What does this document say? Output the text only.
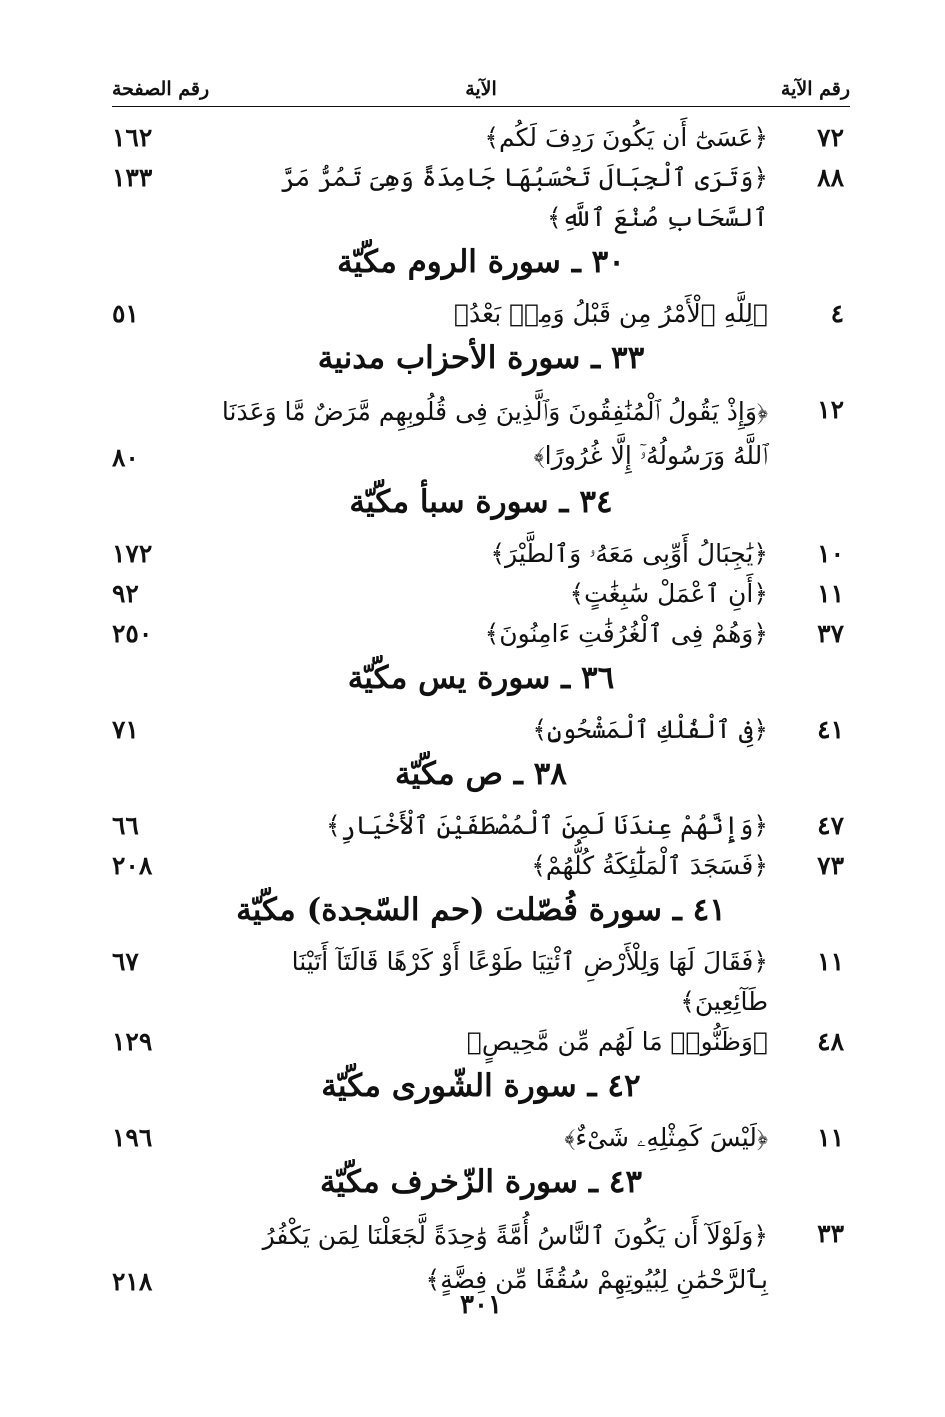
رقم الآية
الآية
رقم الصفحة
٧٢
﴿عَسَىٰٓ أَن يَكُونَ رَدِفَ لَكُم﴾
١٦٢
٨٨
﴿وَتَرَى ٱلْجِبَالَ تَحْسَبُهَا جَامِدَةً وَهِىَ تَمُرُّ مَرَّ ٱلسَّحَابِ صُنْعَ ٱللَّهِ﴾
١٣٣
٣٠ ـ سورة الروم مكّيّة
٤
﴿لِلَّهِ ٱلْأَمْرُ مِن قَبْلُ وَمِنۢ بَعْدُ﴾
٥١
٣٣ ـ سورة الأحزاب مدنية
١٢
﴿وَإِذْ يَقُولُ ٱلْمُنَٰفِقُونَ وَٱلَّذِينَ فِى قُلُوبِهِم مَّرَضٌ مَّا وَعَدَنَا ٱللَّهُ وَرَسُولُهُۥٓ إِلَّا غُرُورًا﴾
٨٠
٣٤ ـ سورة سبأ مكّيّة
١٠
﴿يَٰجِبَالُ أَوِّبِى مَعَهُۥ وَٱلطَّيْرَ﴾
١٧٢
١١
﴿أَنِ ٱعْمَلْ سَٰبِغَٰتٍ﴾
٩٢
٣٧
﴿وَهُمْ فِى ٱلْغُرُفَٰتِ ءَامِنُونَ﴾
٢٥٠
٣٦ ـ سورة يس مكّيّة
٤١
﴿فِى ٱلْفُلْكِ ٱلْمَشْحُونِ﴾
٧١
٣٨ ـ ص مكّيّة
٤٧
﴿وَإِنَّهُمْ عِندَنَا لَمِنَ ٱلْمُصْطَفَيْنَ ٱلْأَخْيَارِ﴾
٦٦
٧٣
﴿فَسَجَدَ ٱلْمَلَٰٓئِكَةُ كُلُّهُمْ﴾
٢٠٨
٤١ ـ سورة فُصّلت (حم السّجدة) مكّيّة
١١
﴿فَقَالَ لَهَا وَلِلْأَرْضِ ٱئْتِيَا طَوْعًا أَوْ كَرْهًا قَالَتَآ أَتَيْنَا طَآئِعِينَ﴾
٦٧
٤٨
﴿وَظَنُّوا۟ مَا لَهُم مِّن مَّحِيصٍ﴾
١٢٩
٤٢ ـ سورة الشّورى مكّيّة
١١
﴿لَيْسَ كَمِثْلِهِۦ شَىْءٌ﴾
١٩٦
٤٣ ـ سورة الزّخرف مكّيّة
٣٣
﴿وَلَوْلَآ أَن يَكُونَ ٱلنَّاسُ أُمَّةً وَٰحِدَةً لَّجَعَلْنَا لِمَن يَكْفُرُ بِٱلرَّحْمَٰنِ لِبُيُوتِهِمْ سُقُفًا مِّن فِضَّةٍ﴾
٢١٨
٣٠١
